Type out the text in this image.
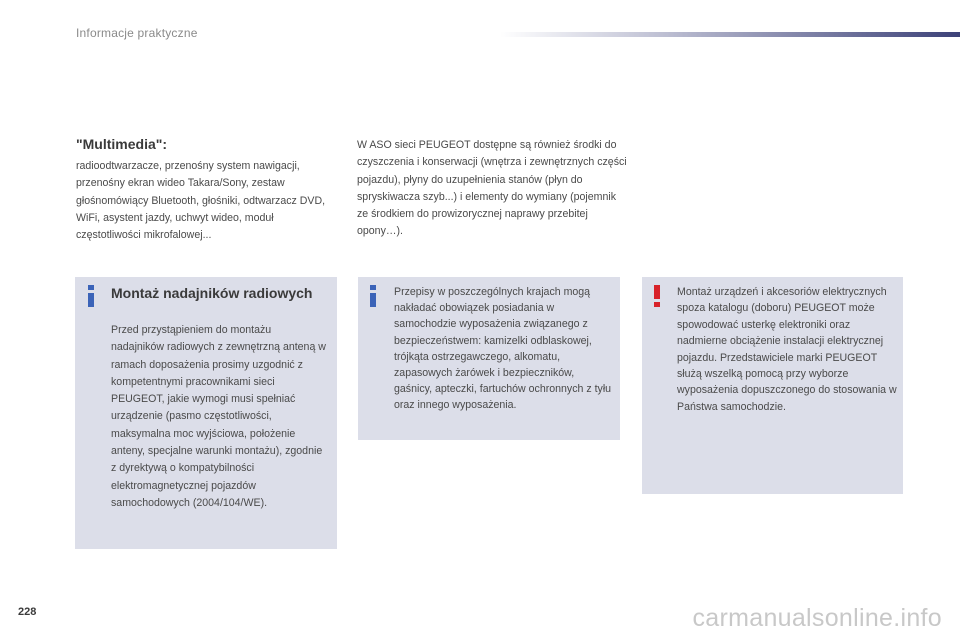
Informacje praktyczne
"Multimedia":
radioodtwarzacze, przenośny system nawigacji, przenośny ekran wideo Takara/Sony, zestaw głośnomówiący Bluetooth, głośniki, odtwarzacz DVD, WiFi, asystent jazdy, uchwyt wideo, moduł częstotliwości mikrofalowej...
W ASO sieci PEUGEOT dostępne są również środki do czyszczenia i konserwacji (wnętrza i zewnętrznych części pojazdu), płyny do uzupełnienia stanów (płyn do spryskiwacza szyb...) i elementy do wymiany (pojemnik ze środkiem do prowizorycznej naprawy przebitej opony…).
Montaż nadajników radiowych
Przed przystąpieniem do montażu nadajników radiowych z zewnętrzną anteną w ramach doposażenia prosimy uzgodnić z kompetentnymi pracownikami sieci PEUGEOT, jakie wymogi musi spełniać urządzenie (pasmo częstotliwości, maksymalna moc wyjściowa, położenie anteny, specjalne warunki montażu), zgodnie z dyrektywą o kompatybilności elektromagnetycznej pojazdów samochodowych (2004/104/WE).
Przepisy w poszczególnych krajach mogą nakładać obowiązek posiadania w samochodzie wyposażenia związanego z bezpieczeństwem: kamizelki odblaskowej, trójkąta ostrzegawczego, alkomatu, zapasowych żarówek i bezpieczników, gaśnicy, apteczki, fartuchów ochronnych z tyłu oraz innego wyposażenia.
Montaż urządzeń i akcesoriów elektrycznych spoza katalogu (doboru) PEUGEOT może spowodować usterkę elektroniki oraz nadmierne obciążenie instalacji elektrycznej pojazdu. Przedstawiciele marki PEUGEOT służą wszelką pomocą przy wyborze wyposażenia dopuszczonego do stosowania w Państwa samochodzie.
228	carmanualsonline.info
